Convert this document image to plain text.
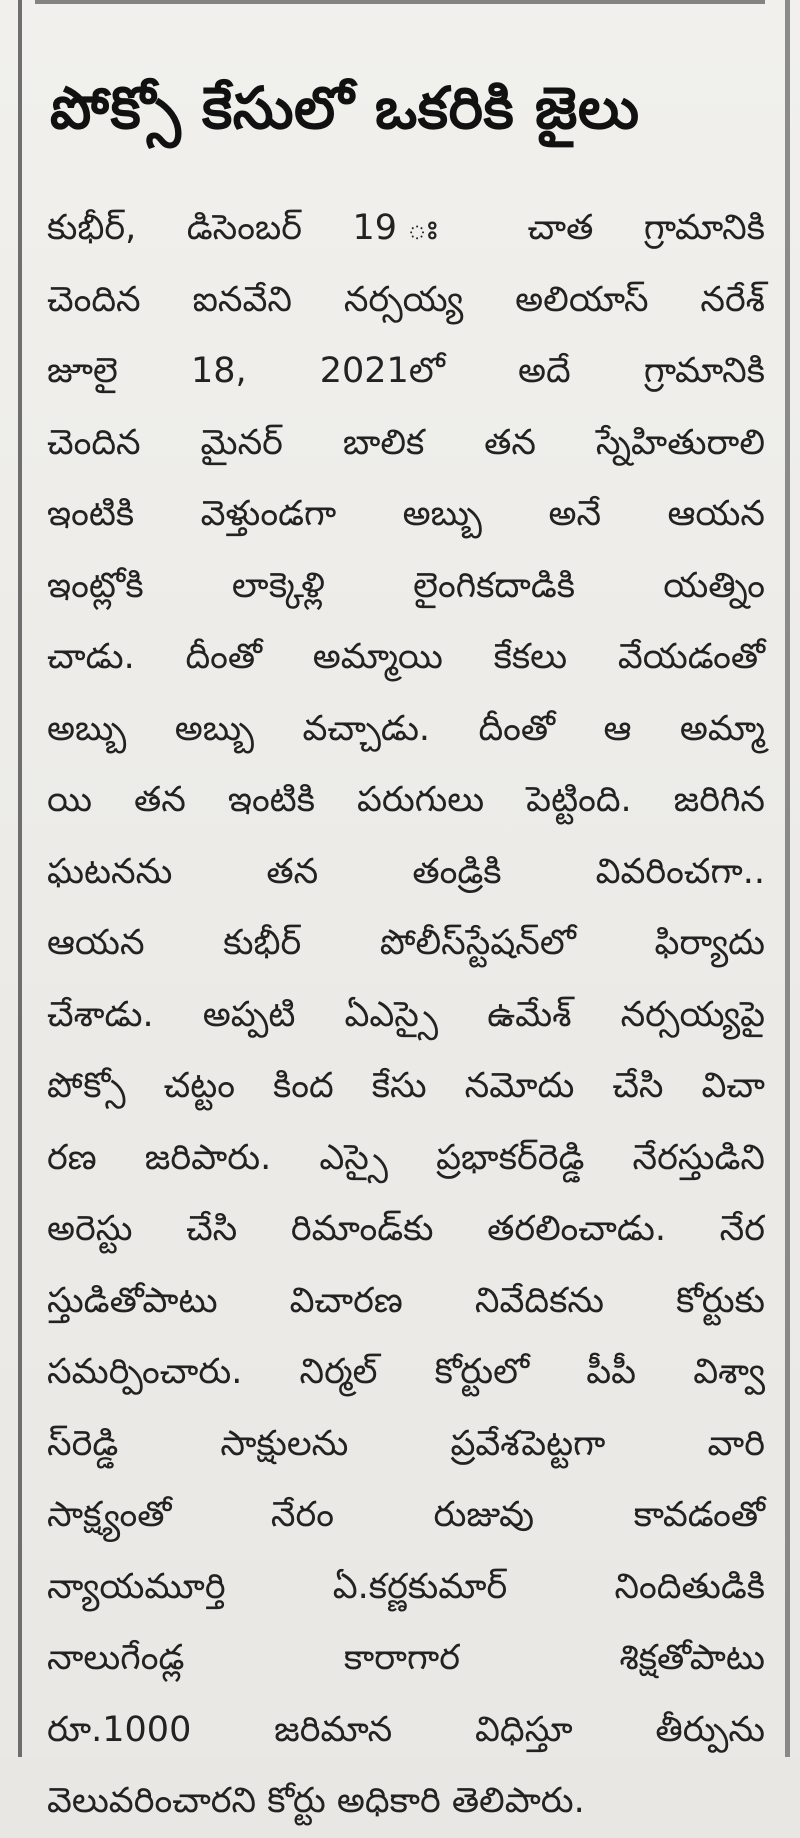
పోక్సో కేసులో ఒకరికి జైలు
కుభీర్, డిసెంబర్ 19 ః చాత గ్రామానికి
చెందిన ఐనవేని నర్సయ్య అలియాస్ నరేశ్
జూలై 18, 2021లో అదే గ్రామానికి
చెందిన మైనర్ బాలిక తన స్నేహితురాలి
ఇంటికి వెళ్తుండగా అబ్బు అనే ఆయన
ఇంట్లోకి లాక్కెళ్లి లైంగికదాడికి యత్నిం
చాడు. దీంతో అమ్మాయి కేకలు వేయడంతో
అబ్బు అబ్బు వచ్చాడు. దీంతో ఆ అమ్మా
యి తన ఇంటికి పరుగులు పెట్టింది. జరిగిన
ఘటనను తన తండ్రికి వివరించగా..
ఆయన కుభీర్ పోలీస్‌స్టేషన్‌లో ఫిర్యాదు
చేశాడు. అప్పటి ఏఎస్సై ఉమేశ్ నర్సయ్యపై
పోక్సో చట్టం కింద కేసు నమోదు చేసి విచా
రణ జరిపారు. ఎస్సై ప్రభాకర్‌రెడ్డి నేరస్తుడిని
అరెస్టు చేసి రిమాండ్‌కు తరలించాడు. నేర
స్తుడితోపాటు విచారణ నివేదికను కోర్టుకు
సమర్పించారు. నిర్మల్ కోర్టులో పీపీ విశ్వా
స్‌రెడ్డి సాక్షులను ప్రవేశపెట్టగా వారి
సాక్ష్యంతో నేరం రుజువు కావడంతో
న్యాయమూర్తి ఏ.కర్ణకుమార్ నిందితుడికి
నాలుగేండ్ల కారాగార శిక్షతోపాటు
రూ.1000 జరిమాన విధిస్తూ తీర్పును
వెలువరించారని కోర్టు అధికారి తెలిపారు.
